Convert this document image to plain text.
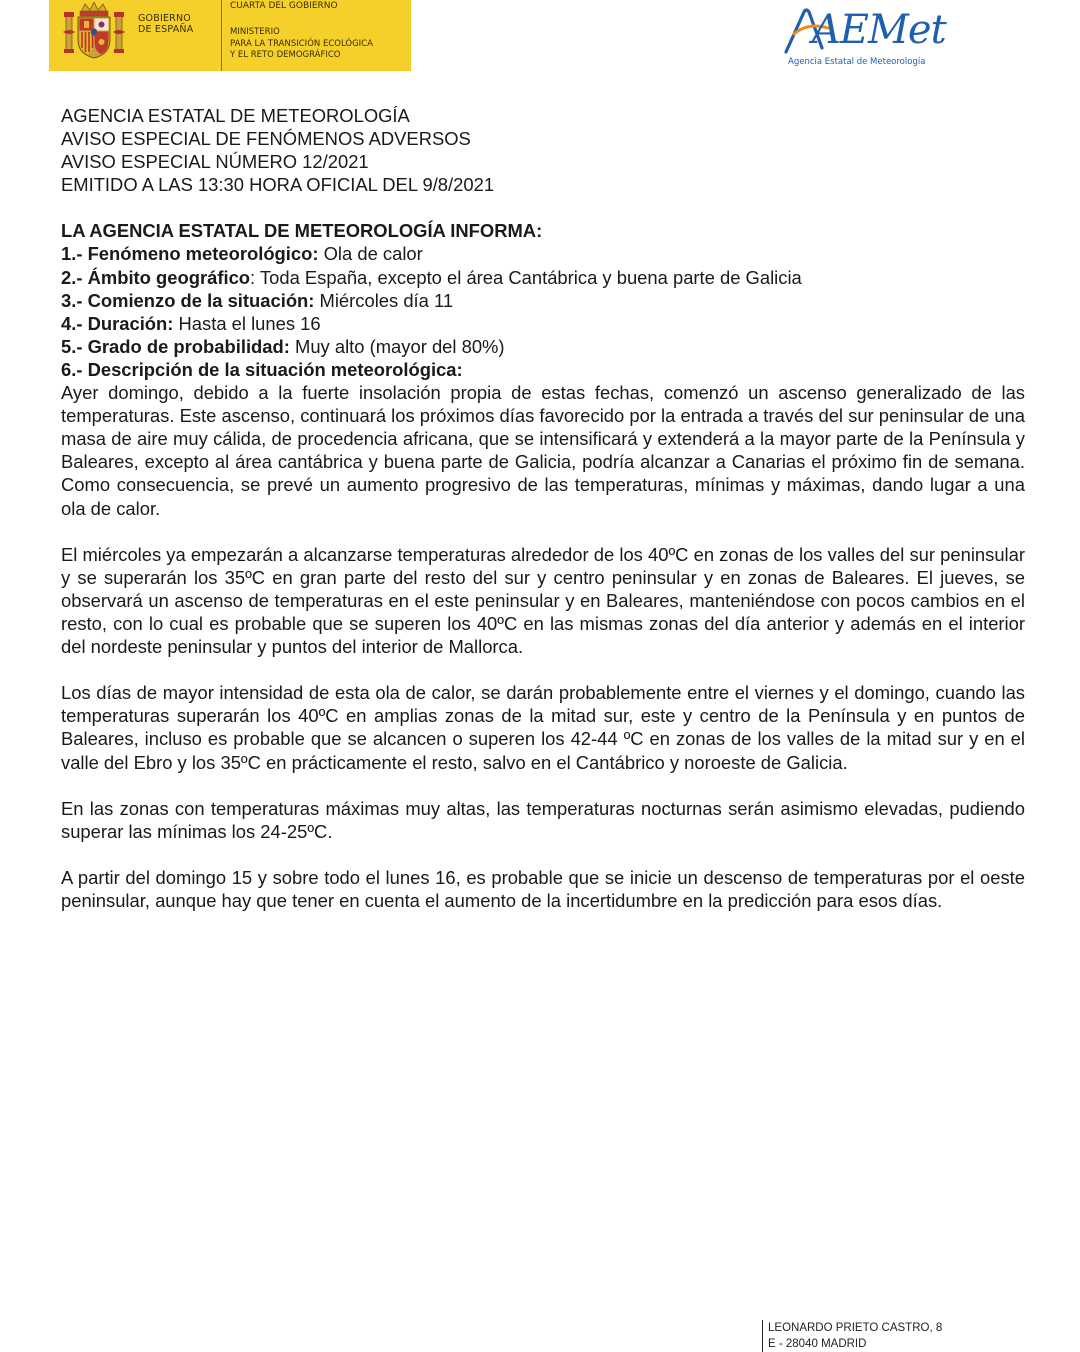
GOBIERNO
DE ESPAÑA
CUARTA DEL GOBIERNO
MINISTERIO
PARA LA TRANSICIÓN ECOLÓGICA
Y EL RETO DEMOGRÁFICO
AEMet
Agencia Estatal de Meteorología
AGENCIA ESTATAL DE METEOROLOGÍA
AVISO ESPECIAL DE FENÓMENOS ADVERSOS
AVISO ESPECIAL NÚMERO 12/2021
EMITIDO A LAS 13:30 HORA OFICIAL DEL 9/8/2021
LA AGENCIA ESTATAL DE METEOROLOGÍA INFORMA:
1.- Fenómeno meteorológico: Ola de calor
2.- Ámbito geográfico: Toda España, excepto el área Cantábrica y buena parte de Galicia
3.- Comienzo de la situación: Miércoles día 11
4.- Duración: Hasta el lunes 16
5.- Grado de probabilidad: Muy alto (mayor del 80%)
6.- Descripción de la situación meteorológica:

Ayer domingo, debido a la fuerte insolación propia de estas fechas, comenzó un ascenso generalizado de las temperaturas. Este ascenso, continuará los próximos días favorecido por la entrada a través del sur peninsular de una masa de aire muy cálida, de procedencia africana, que se intensificará y extenderá a la mayor parte de la Península y Baleares, excepto al área cantábrica y buena parte de Galicia, podría alcanzar a Canarias el próximo fin de semana. Como consecuencia, se prevé un aumento progresivo de las temperaturas, mínimas y máximas, dando lugar a una ola de calor.

El miércoles ya empezarán a alcanzarse temperaturas alrededor de los 40ºC en zonas de los valles del sur peninsular y se superarán los 35ºC en gran parte del resto del sur y centro peninsular y en zonas de Baleares. El jueves, se observará un ascenso de temperaturas en el este peninsular y en Baleares, manteniéndose con pocos cambios en el resto, con lo cual es probable que se superen los 40ºC en las mismas zonas del día anterior y además en el interior del nordeste peninsular y puntos del interior de Mallorca.

Los días de mayor intensidad de esta ola de calor, se darán probablemente entre el viernes y el domingo, cuando las temperaturas superarán los 40ºC en amplias zonas de la mitad sur, este y centro de la Península y en puntos de Baleares, incluso es probable que se alcancen o superen los 42-44 ºC en zonas de los valles de la mitad sur y en el valle del Ebro y los 35ºC en prácticamente el resto, salvo en el Cantábrico y noroeste de Galicia.

En las zonas con temperaturas máximas muy altas, las temperaturas nocturnas serán asimismo elevadas, pudiendo superar las mínimas los 24-25ºC.

A partir del domingo 15 y sobre todo el lunes 16, es probable que se inicie un descenso de temperaturas por el oeste peninsular, aunque hay que tener en cuenta el aumento de la incertidumbre en la predicción para esos días.

LEONARDO PRIETO CASTRO, 8
E - 28040 MADRID
